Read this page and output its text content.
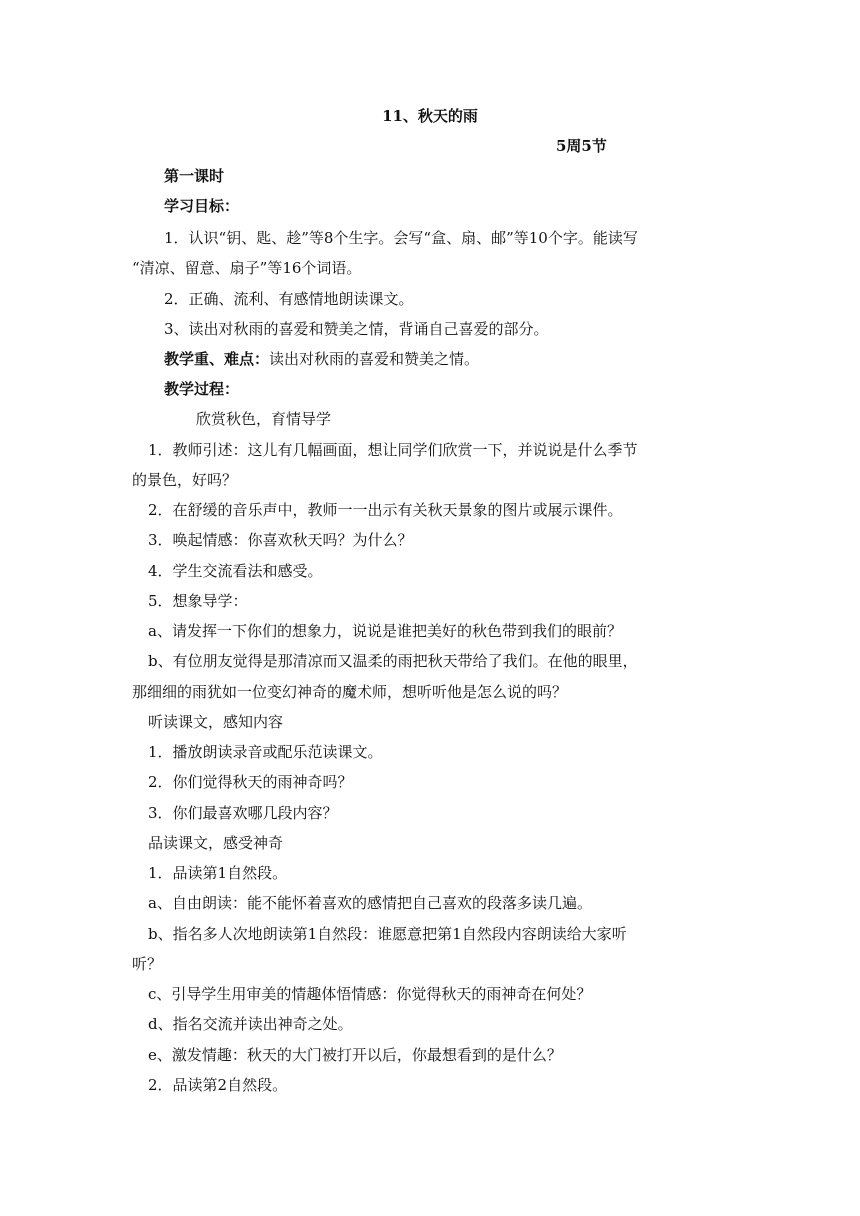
11、秋天的雨
5周5节
第一课时
学习目标：
1．认识“钥、匙、趁”等8个生字。会写“盒、扇、邮”等10个字。能读写
“清凉、留意、扇子”等16个词语。
2．正确、流利、有感情地朗读课文。
3、读出对秋雨的喜爱和赞美之情，背诵自己喜爱的部分。
教学重、难点：读出对秋雨的喜爱和赞美之情。
教学过程：
欣赏秋色，育情导学
1．教师引述：这儿有几幅画面，想让同学们欣赏一下，并说说是什么季节
的景色，好吗？
2．在舒缓的音乐声中，教师一一出示有关秋天景象的图片或展示课件。
3．唤起情感：你喜欢秋天吗？为什么？
4．学生交流看法和感受。
5．想象导学：
a、请发挥一下你们的想象力，说说是谁把美好的秋色带到我们的眼前？
b、有位朋友觉得是那清凉而又温柔的雨把秋天带给了我们。在他的眼里，
那细细的雨犹如一位变幻神奇的魔术师，想听听他是怎么说的吗？
听读课文，感知内容
1．播放朗读录音或配乐范读课文。
2．你们觉得秋天的雨神奇吗？
3．你们最喜欢哪几段内容？
品读课文，感受神奇
1．品读第1自然段。
a、自由朗读：能不能怀着喜欢的感情把自己喜欢的段落多读几遍。
b、指名多人次地朗读第1自然段：谁愿意把第1自然段内容朗读给大家听
听？
c、引导学生用审美的情趣体悟情感：你觉得秋天的雨神奇在何处？
d、指名交流并读出神奇之处。
e、激发情趣：秋天的大门被打开以后，你最想看到的是什么？
2．品读第2自然段。
